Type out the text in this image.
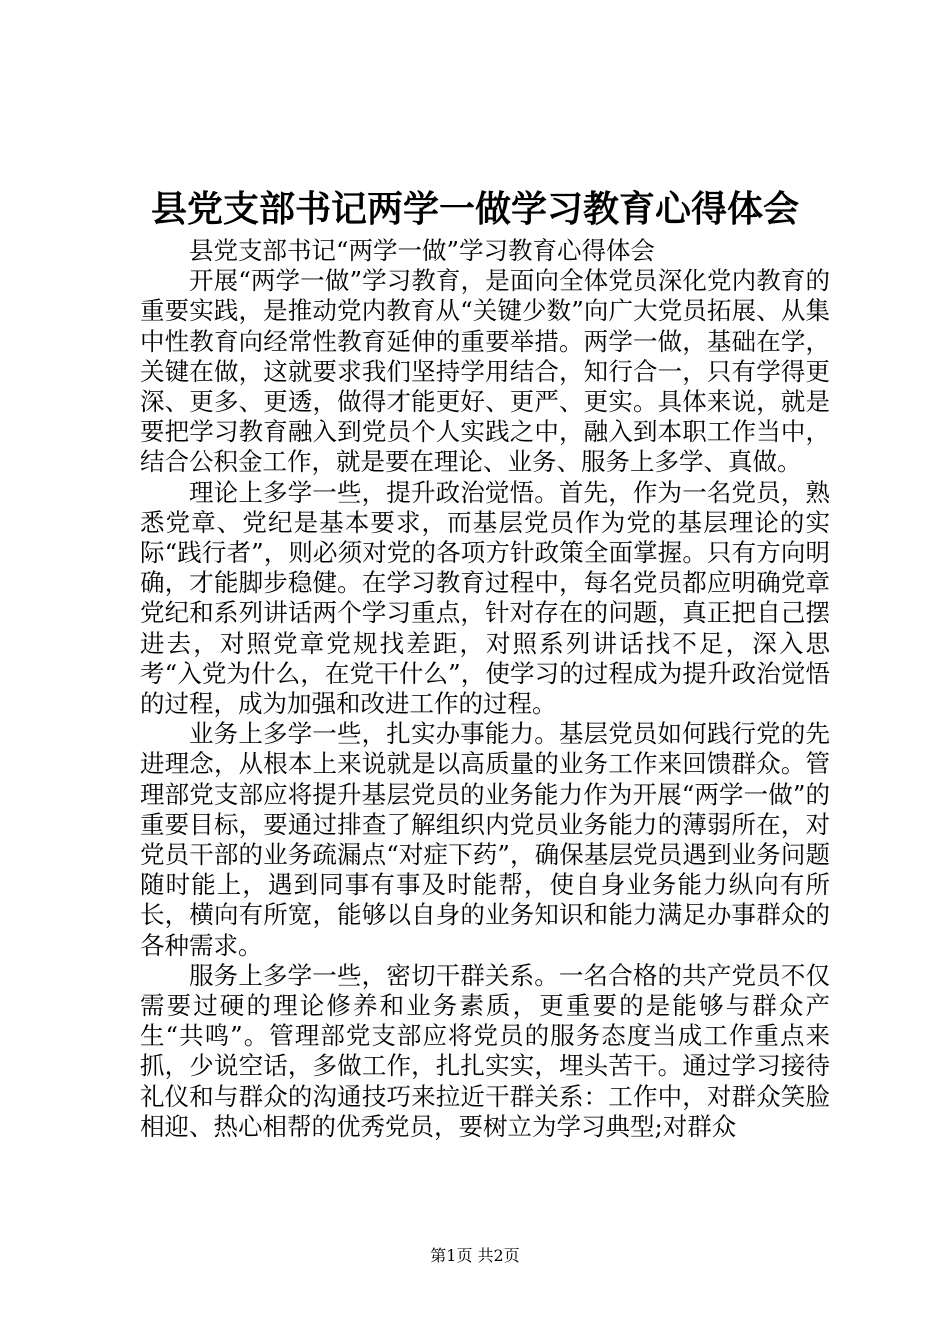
县党支部书记两学一做学习教育心得体会

县党支部书记“两学一做”学习教育心得体会

开展“两学一做”学习教育，是面向全体党员深化党内教育的重要实践，是推动党内教育从“关键少数”向广大党员拓展、从集中性教育向经常性教育延伸的重要举措。两学一做，基础在学，关键在做，这就要求我们坚持学用结合，知行合一，只有学得更深、更多、更透，做得才能更好、更严、更实。具体来说，就是要把学习教育融入到党员个人实践之中，融入到本职工作当中，结合公积金工作，就是要在理论、业务、服务上多学、真做。

理论上多学一些，提升政治觉悟。首先，作为一名党员，熟悉党章、党纪是基本要求，而基层党员作为党的基层理论的实际“践行者”，则必须对党的各项方针政策全面掌握。只有方向明确，才能脚步稳健。在学习教育过程中，每名党员都应明确党章党纪和系列讲话两个学习重点，针对存在的问题，真正把自己摆进去，对照党章党规找差距，对照系列讲话找不足，深入思考“入党为什么，在党干什么”，使学习的过程成为提升政治觉悟的过程，成为加强和改进工作的过程。

业务上多学一些，扎实办事能力。基层党员如何践行党的先进理念，从根本上来说就是以高质量的业务工作来回馈群众。管理部党支部应将提升基层党员的业务能力作为开展“两学一做”的重要目标，要通过排查了解组织内党员业务能力的薄弱所在，对党员干部的业务疏漏点“对症下药”，确保基层党员遇到业务问题随时能上，遇到同事有事及时能帮，使自身业务能力纵向有所长，横向有所宽，能够以自身的业务知识和能力满足办事群众的各种需求。

服务上多学一些，密切干群关系。一名合格的共产党员不仅需要过硬的理论修养和业务素质，更重要的是能够与群众产生“共鸣”。管理部党支部应将党员的服务态度当成工作重点来抓，少说空话，多做工作，扎扎实实，埋头苦干。通过学习接待礼仪和与群众的沟通技巧来拉近干群关系：工作中，对群众笑脸相迎、热心相帮的优秀党员，要树立为学习典型;对群众

第1页 共2页
